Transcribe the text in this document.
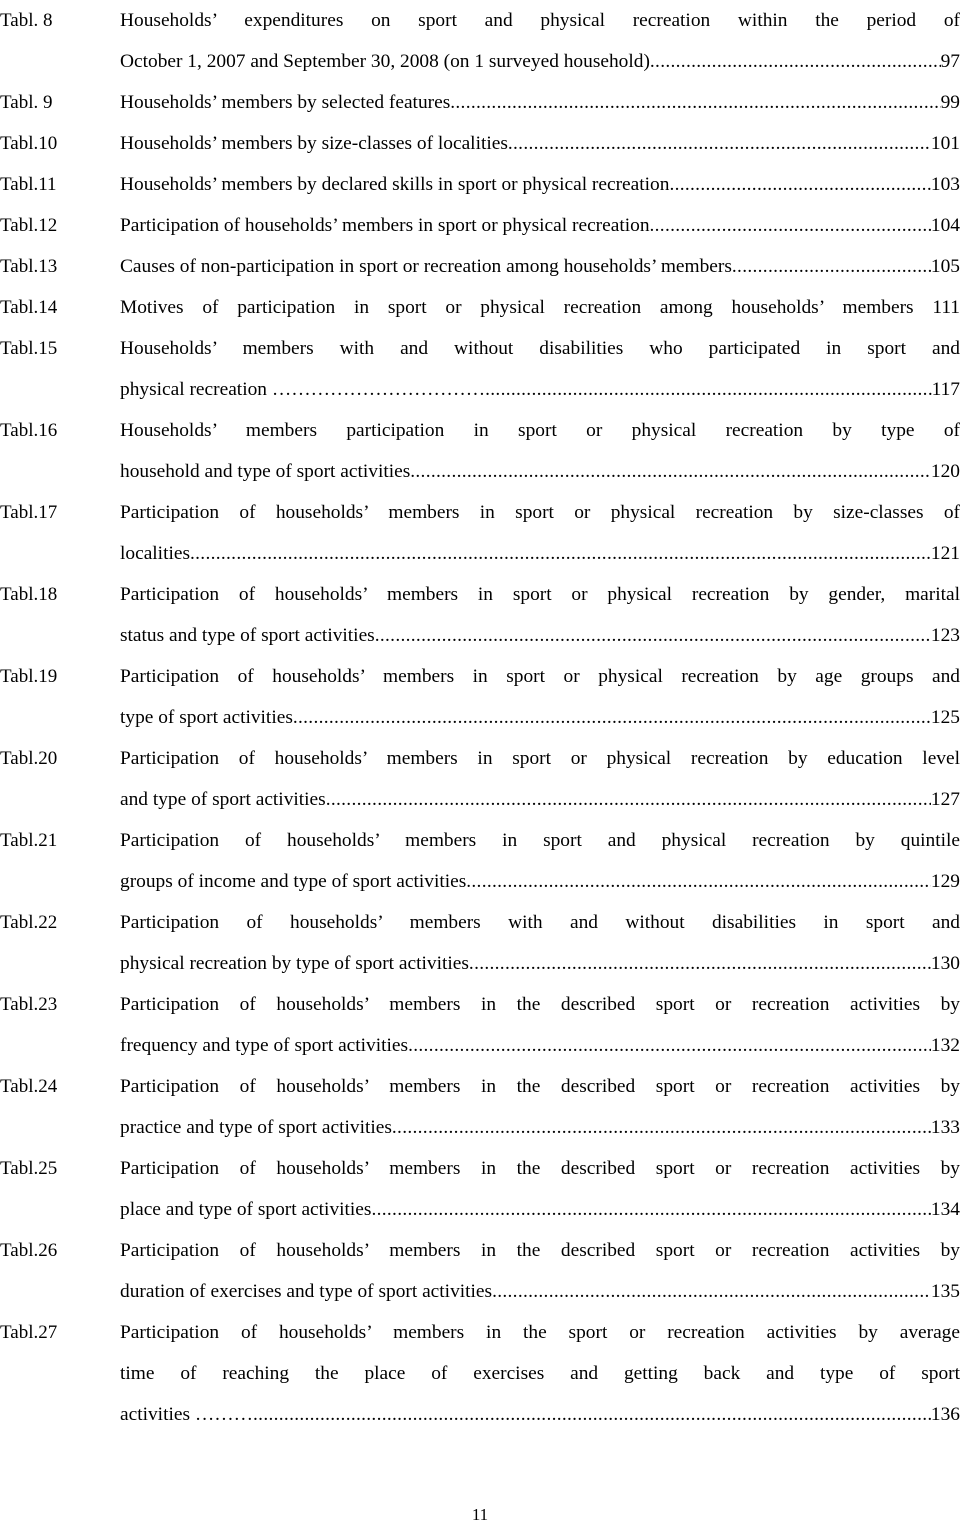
Tabl. 8	Households’ expenditures on sport and physical recreation within the period of
October 1, 2007 and September 30, 2008 (on 1 surveyed household) .....	97
Tabl. 9	Households’ members by selected features .....	99
Tabl.10	Households’ members by size-classes of localities .....	101
Tabl.11	Households’ members by declared skills in sport or physical recreation .....	103
Tabl.12	Participation of households’ members in sport or physical recreation .....	104
Tabl.13	Causes of non-participation in sport or recreation among households’ members .....	105
Tabl.14	Motives of participation in sport or physical recreation among households’ members 111
Tabl.15	Households’ members with and without disabilities who participated in sport and
physical recreation …………………………… .....	117
Tabl.16	Households’ members participation in sport or physical recreation by type of
household and type of sport activities .....	120
Tabl.17	Participation of households’ members in sport or physical recreation by size-classes of
localities .....	121
Tabl.18	Participation of households’ members in sport or physical recreation by gender, marital
status and type of sport activities .....	123
Tabl.19	Participation of households’ members in sport or physical recreation by age groups and
type of sport activities .....	125
Tabl.20	Participation of households’ members in sport or physical recreation by education level
and type of sport activities .....	127
Tabl.21	Participation of households’ members in sport and physical recreation by quintile
groups of income and type of sport activities .....	129
Tabl.22	Participation of households’ members with and without disabilities in sport and
physical recreation by type of sport activities .....	130
Tabl.23	Participation of households’ members in the described sport or recreation activities by
frequency and type of sport activities .....	132
Tabl.24	Participation of households’ members in the described sport or recreation activities by
practice and type of sport activities .....	133
Tabl.25	Participation of households’ members in the described sport or recreation activities by
place and type of sport activities .....	134
Tabl.26	Participation of households’ members in the described sport or recreation activities by
duration of exercises and type of sport activities .....	135
Tabl.27	Participation of households’ members in the sport or recreation activities by average
time of reaching the place of exercises and getting back and type of sport
activities ……… .....	136
11
